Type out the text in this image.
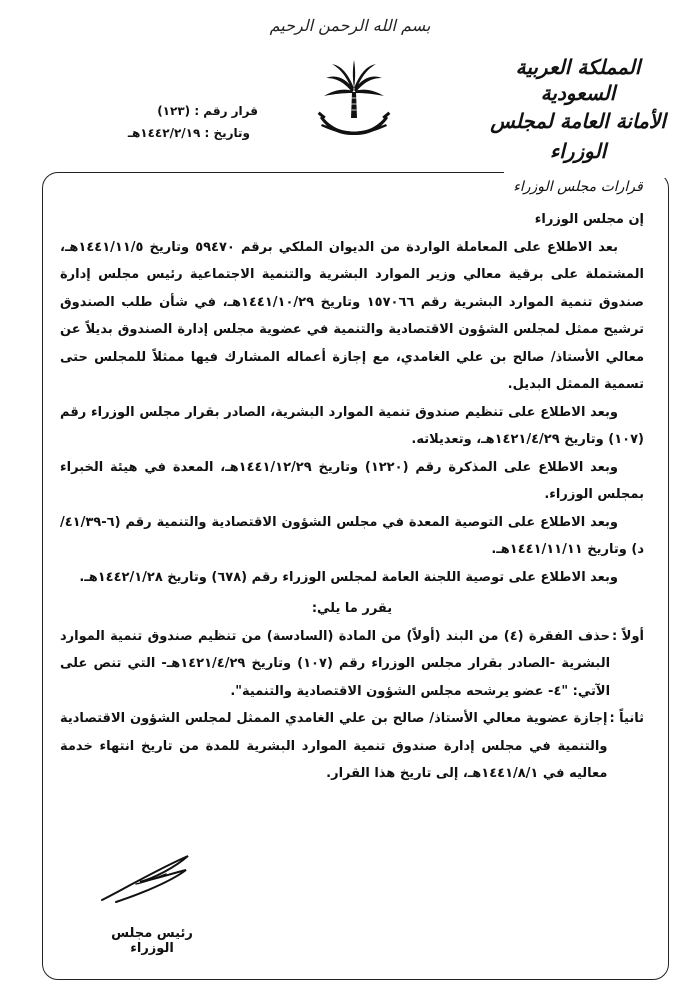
بسم الله الرحمن الرحيم
المملكة العربية السعودية
الأمانة العامة لمجلس الوزراء
قرارات مجلس الوزراء
قرار رقم : (١٢٣)
وتاريخ : ١٤٤٢/٢/١٩هـ

إن مجلس الوزراء

بعد الاطلاع على المعاملة الواردة من الديوان الملكي برقم ٥٩٤٧٠ وتاريخ ١٤٤١/١١/٥هـ، المشتملة على برقية معالي وزير الموارد البشرية والتنمية الاجتماعية رئيس مجلس إدارة صندوق تنمية الموارد البشرية رقم ١٥٧٠٦٦ وتاريخ ١٤٤١/١٠/٢٩هـ، في شأن طلب الصندوق ترشيح ممثل لمجلس الشؤون الاقتصادية والتنمية في عضوية مجلس إدارة الصندوق بديلاً عن معالي الأستاذ/ صالح بن علي الغامدي، مع إجازة أعماله المشارك فيها ممثلاً للمجلس حتى تسمية الممثل البديل.

وبعد الاطلاع على تنظيم صندوق تنمية الموارد البشرية، الصادر بقرار مجلس الوزراء رقم (١٠٧) وتاريخ ١٤٢١/٤/٢٩هـ، وتعديلاته.

وبعد الاطلاع على المذكرة رقم (١٢٢٠) وتاريخ ١٤٤١/١٢/٢٩هـ، المعدة في هيئة الخبراء بمجلس الوزراء.

وبعد الاطلاع على التوصية المعدة في مجلس الشؤون الاقتصادية والتنمية رقم (٦-٤١/٣٩/د) وتاريخ ١٤٤١/١١/١١هـ.

وبعد الاطلاع على توصية اللجنة العامة لمجلس الوزراء رقم (٦٧٨) وتاريخ ١٤٤٢/١/٢٨هـ.

يقرر ما يلي:

أولاً :
حذف الفقرة (٤) من البند (أولاً) من المادة (السادسة) من تنظيم صندوق تنمية الموارد البشرية -الصادر بقرار مجلس الوزراء رقم (١٠٧) وتاريخ ١٤٢١/٤/٢٩هـ- التي تنص على الآتي: "٤- عضو يرشحه مجلس الشؤون الاقتصادية والتنمية".
ثانياً :
إجازة عضوية معالي الأستاذ/ صالح بن علي الغامدي الممثل لمجلس الشؤون الاقتصادية والتنمية في مجلس إدارة صندوق تنمية الموارد البشرية للمدة من تاريخ انتهاء خدمة معاليه في ١٤٤١/٨/١هـ، إلى تاريخ هذا القرار.
رئيس مجلس الوزراء
